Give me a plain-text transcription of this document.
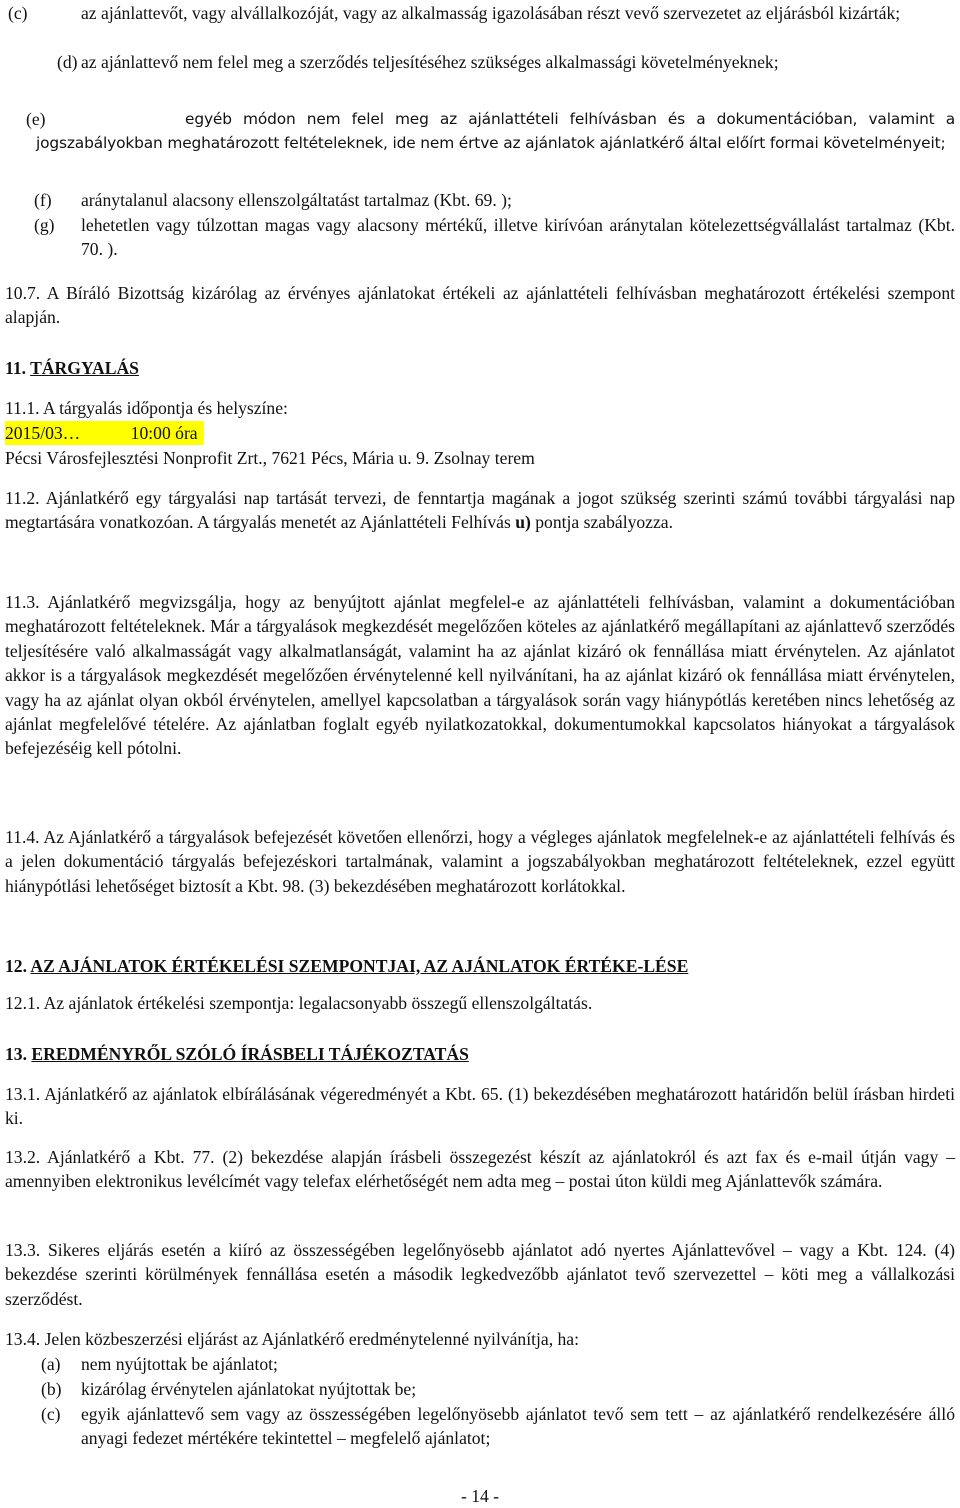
(c)	az ajánlattevőt, vagy alvállalkozóját, vagy az alkalmasság igazolásában részt vevő szervezetet az eljárásból kizárták;
(d) az ajánlattevő nem felel meg a szerződés teljesítéséhez szükséges alkalmassági követelményeknek;
(e)	egyéb módon nem felel meg az ajánlattételi felhívásban és a dokumentációban, valamint a jogszabályokban meghatározott feltételeknek, ide nem értve az ajánlatok ajánlatkérő által előírt formai követelményeit;
(f)	aránytalanul alacsony ellenszolgáltatást tartalmaz (Kbt. 69. );
(g)	lehetetlen vagy túlzottan magas vagy alacsony mértékű, illetve kirívóan aránytalan kötelezettségvállalást tartalmaz (Kbt. 70. ).
10.7. A Bíráló Bizottság kizárólag az érvényes ajánlatokat értékeli az ajánlattételi felhívásban meghatározott értékelési szempont alapján.
11. TÁRGYALÁS
11.1. A tárgyalás időpontja és helyszíne:
2015/03…	10:00 óra
Pécsi Városfejlesztési Nonprofit Zrt., 7621 Pécs, Mária u. 9. Zsolnay terem
11.2. Ajánlatkérő egy tárgyalási nap tartását tervezi, de fenntartja magának a jogot szükség szerinti számú további tárgyalási nap megtartására vonatkozóan. A tárgyalás menetét az Ajánlattételi Felhívás u) pontja szabályozza.
11.3. Ajánlatkérő megvizsgálja, hogy az benyújtott ajánlat megfelel-e az ajánlattételi felhívásban, valamint a dokumentációban meghatározott feltételeknek. Már a tárgyalások megkezdését megelőzően köteles az ajánlatkérő megállapítani az ajánlattevő szerződés teljesítésére való alkalmasságát vagy alkalmatlanságát, valamint ha az ajánlat kizáró ok fennállása miatt érvénytelen. Az ajánlatot akkor is a tárgyalások megkezdését megelőzően érvénytelenné kell nyilvánítani, ha az ajánlat kizáró ok fennállása miatt érvénytelen, vagy ha az ajánlat olyan okból érvénytelen, amellyel kapcsolatban a tárgyalások során vagy hiánypótlás keretében nincs lehetőség az ajánlat megfelelővé tételére. Az ajánlatban foglalt egyéb nyilatkozatokkal, dokumentumokkal kapcsolatos hiányokat a tárgyalások befejezéséig kell pótolni.
11.4. Az Ajánlatkérő a tárgyalások befejezését követően ellenőrzi, hogy a végleges ajánlatok megfelelnek-e az ajánlattételi felhívás és a jelen dokumentáció tárgyalás befejezéskori tartalmának, valamint a jogszabályokban meghatározott feltételeknek, ezzel együtt hiánypótlási lehetőséget biztosít a Kbt. 98. (3) bekezdésében meghatározott korlátokkal.
12. AZ AJÁNLATOK ÉRTÉKELÉSI SZEMPONTJAI, AZ AJÁNLATOK ÉRTÉKE-LÉSE
12.1. Az ajánlatok értékelési szempontja: legalacsonyabb összegű ellenszolgáltatás.
13. EREDMÉNYRŐL SZÓLÓ ÍRÁSBELI TÁJÉKOZTATÁS
13.1. Ajánlatkérő az ajánlatok elbírálásának végeredményét a Kbt. 65. (1) bekezdésében meghatározott határidőn belül írásban hirdeti ki.
13.2. Ajánlatkérő a Kbt. 77. (2) bekezdése alapján írásbeli összegezést készít az ajánlatokról és azt fax és e-mail útján vagy – amennyiben elektronikus levélcímét vagy telefax elérhetőségét nem adta meg – postai úton küldi meg Ajánlattevők számára.
13.3. Sikeres eljárás esetén a kiíró az összességében legelőnyösebb ajánlatot adó nyertes Ajánlattevővel – vagy a Kbt. 124. (4) bekezdése szerinti körülmények fennállása esetén a második legkedvezőbb ajánlatot tevő szervezettel – köti meg a vállalkozási szerződést.
13.4. Jelen közbeszerzési eljárást az Ajánlatkérő eredménytelenné nyilvánítja, ha:
(a)	nem nyújtottak be ajánlatot;
(b)	kizárólag érvénytelen ajánlatokat nyújtottak be;
(c)	egyik ajánlattevő sem vagy az összességében legelőnyösebb ajánlatot tevő sem tett – az ajánlatkérő rendelkezésére álló anyagi fedezet mértékére tekintettel – megfelelő ajánlatot;
- 14 -
